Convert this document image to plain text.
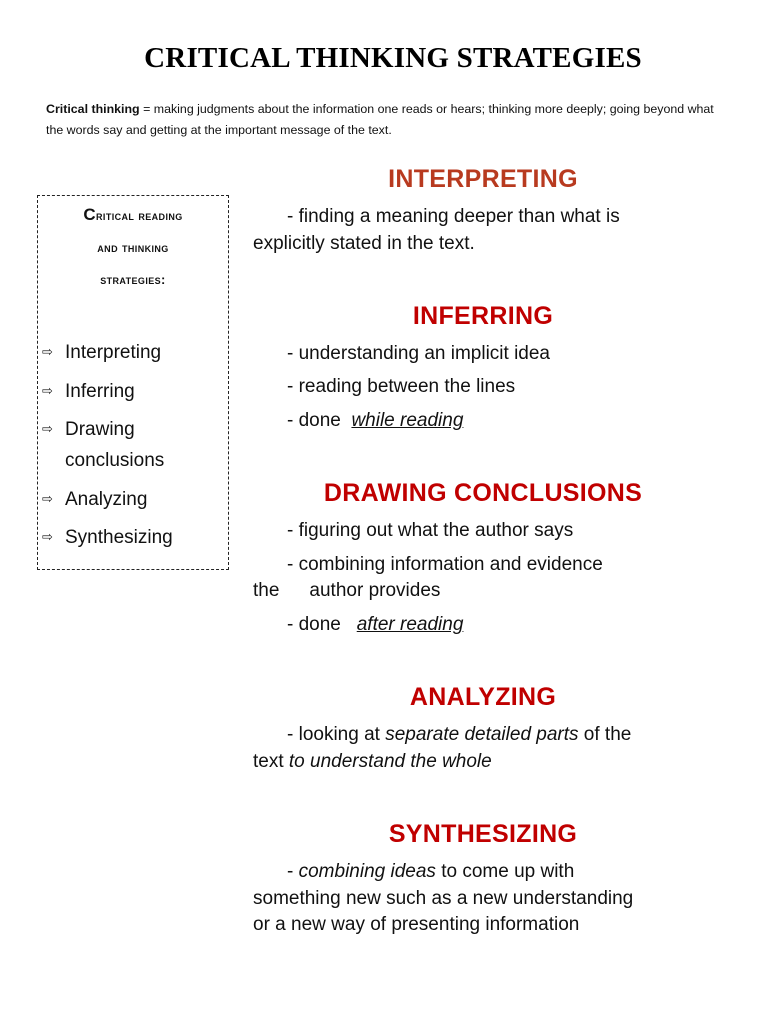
CRITICAL THINKING STRATEGIES

Critical thinking = making judgments about the information one reads or hears; thinking more deeply; going beyond what the words say and getting at the important message of the text.

Critical reading
and thinking
strategies:
⇨ Interpreting
⇨ Inferring
⇨ Drawing conclusions
⇨ Analyzing
⇨ Synthesizing
INTERPRETING
- finding a meaning deeper than what is
explicitly stated in the text.
INFERRING
- understanding an implicit idea
- reading between the lines
- done  while reading
DRAWING CONCLUSIONS
- figuring out what the author says
- combining information and evidence
the author provides
- done   after reading
ANALYZING
- looking at separate detailed parts of the
text to understand the whole
SYNTHESIZING
- combining ideas to come up with
something new such as a new understanding
or a new way of presenting information
